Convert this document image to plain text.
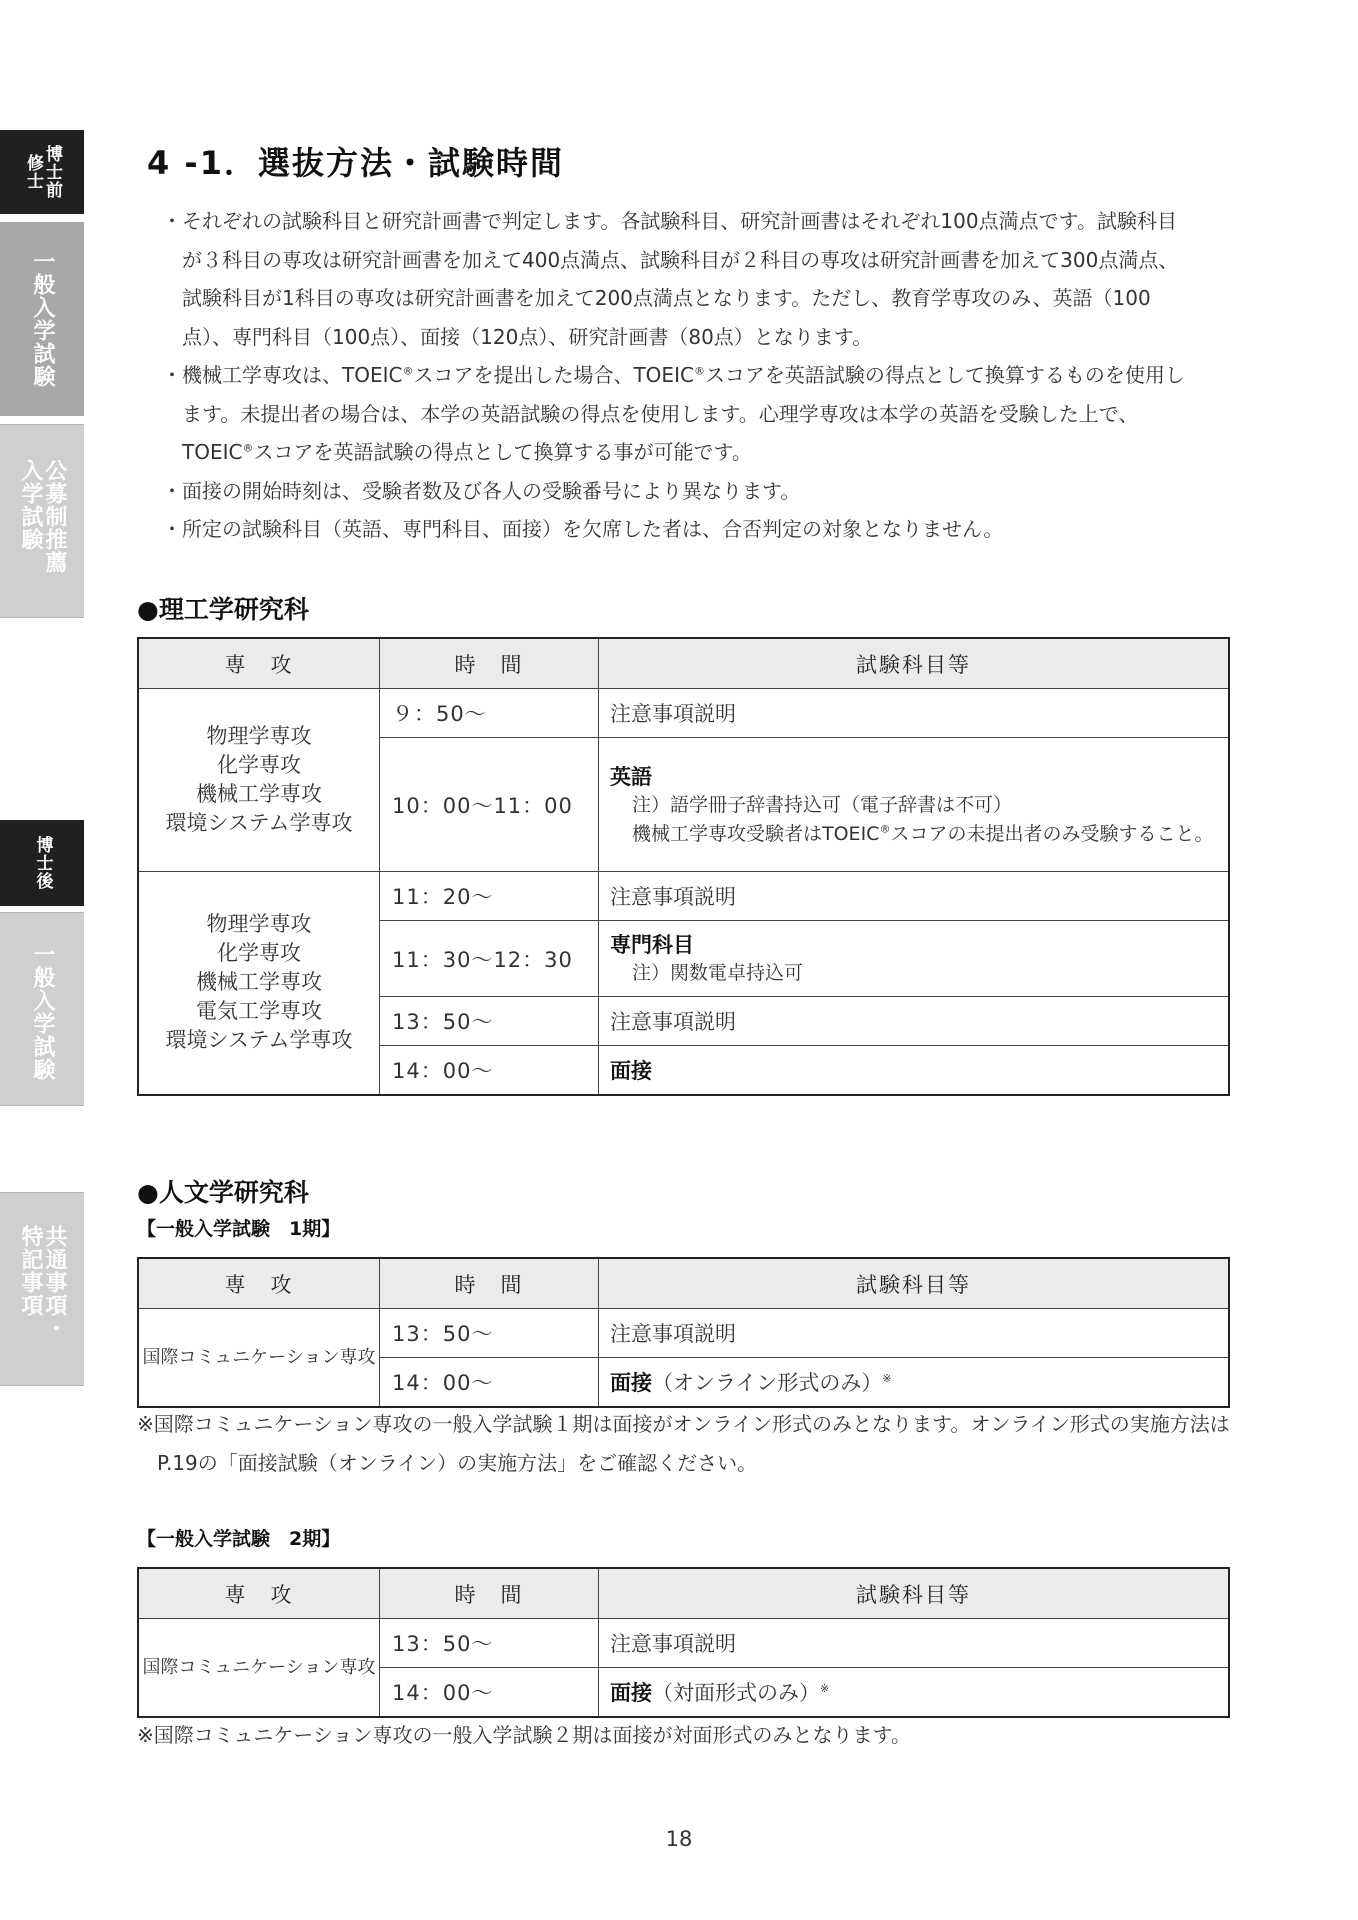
博士前
修士
一般入学試験
公募制推薦
入学試験
博士後
一般入学試験
共通事項・
特記事項
4 -1．選抜方法・試験時間
・ それぞれの試験科目と研究計画書で判定します。各試験科目、研究計画書はそれぞれ100点満点です。試験科目が３科目の専攻は研究計画書を加えて400点満点、試験科目が２科目の専攻は研究計画書を加えて300点満点、試験科目が1科目の専攻は研究計画書を加えて200点満点となります。ただし、教育学専攻のみ、英語（100点）、専門科目（100点）、面接（120点）、研究計画書（80点）となります。
・ 機械工学専攻は、TOEIC®スコアを提出した場合、TOEIC®スコアを英語試験の得点として換算するものを使用します。未提出者の場合は、本学の英語試験の得点を使用します。心理学専攻は本学の英語を受験した上で、TOEIC®スコアを英語試験の得点として換算する事が可能です。
・ 面接の開始時刻は、受験者数及び各人の受験番号により異なります。
・ 所定の試験科目（英語、専門科目、面接）を欠席した者は、合否判定の対象となりません。

●理工学研究科

専　攻	時　間	試験科目等

物理学専攻
化学専攻
機械工学専攻
環境システム学専攻	９：50～	注意事項説明
	10：00～11：00	英語
注）語学冊子辞書持込可（電子辞書は不可）
機械工学専攻受験者はTOEIC®スコアの未提出者のみ受験すること。

物理学専攻
化学専攻
機械工学専攻
電気工学専攻
環境システム学専攻	11：20～	注意事項説明
	11：30～12：30	専門科目
注）関数電卓持込可

	13：50～	注意事項説明
	14：00～	面接

●人文学研究科

【一般入学試験　1期】

専　攻	時　間	試験科目等
国際コミュニケーション専攻	13：50～	注意事項説明
	14：00～	面接（オンライン形式のみ）※

※国際コミュニケーション専攻の一般入学試験１期は面接がオンライン形式のみとなります。オンライン形式の実施方法はP.19の「面接試験（オンライン）の実施方法」をご確認ください。

【一般入学試験　2期】

専　攻	時　間	試験科目等
国際コミュニケーション専攻	13：50～	注意事項説明
	14：00～	面接（対面形式のみ）※

※国際コミュニケーション専攻の一般入学試験２期は面接が対面形式のみとなります。

18
